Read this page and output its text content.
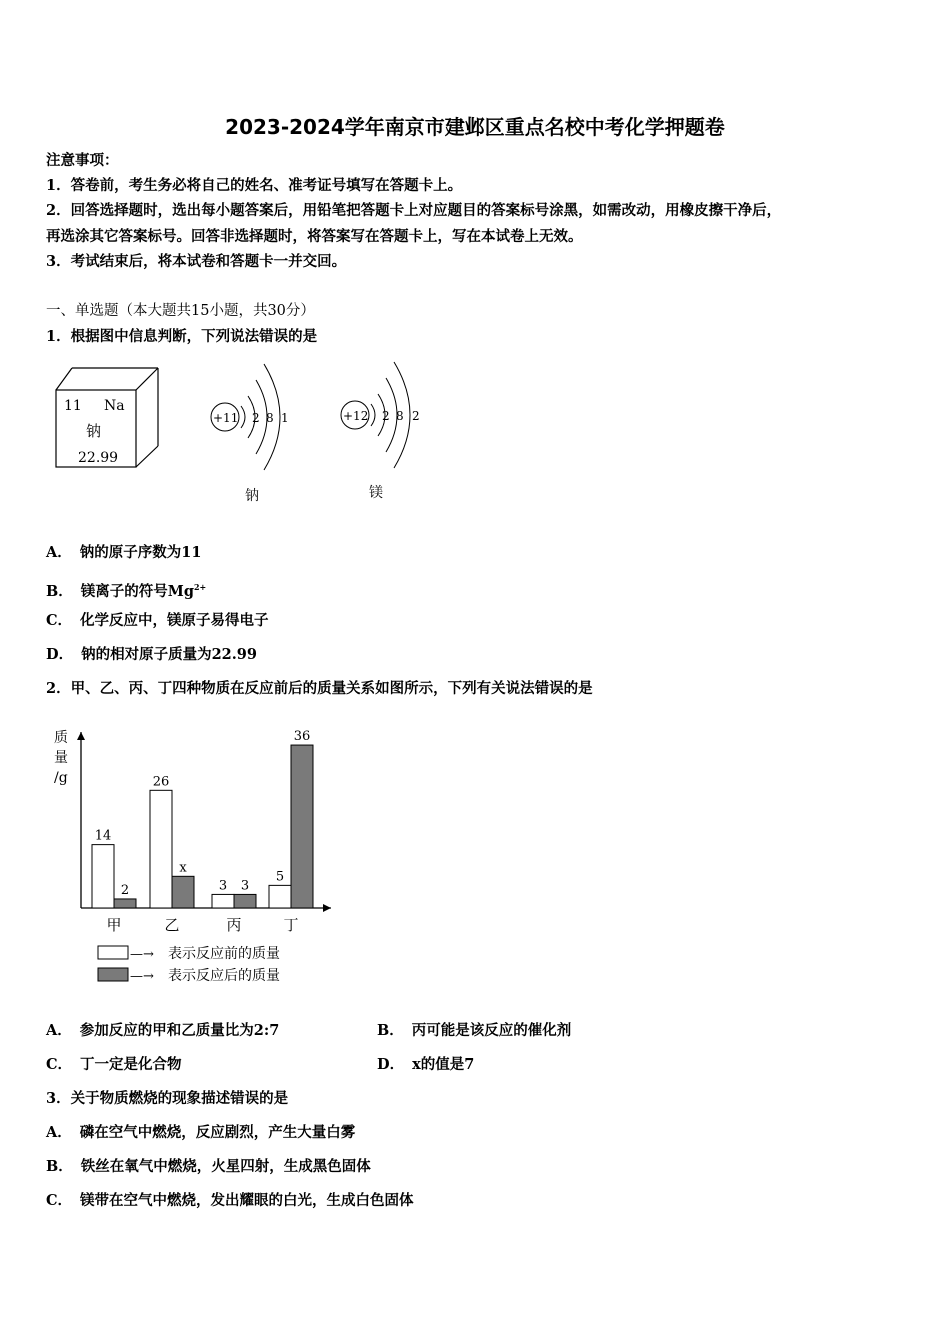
2023-2024学年南京市建邺区重点名校中考化学押题卷
注意事项：
1．答卷前，考生务必将自己的姓名、准考证号填写在答题卡上。
2．回答选择题时，选出每小题答案后，用铅笔把答题卡上对应题目的答案标号涂黑，如需改动，用橡皮擦干净后，
再选涂其它答案标号。回答非选择题时，将答案写在答题卡上，写在本试卷上无效。
3．考试结束后，将本试卷和答题卡一并交回。
一、单选题（本大题共15小题，共30分）
1．根据图中信息判断，下列说法错误的是
11 Na
钠
22.99
+11 2 8 1
钠
+12 2 8 2
镁
A． 钠的原子序数为11
B． 镁离子的符号$Mg^{2+}$
C． 化学反应中，镁原子易得电子
D． 钠的相对原子质量为22.99
2．甲、乙、丙、丁四种物质在反应前后的质量关系如图所示，下列有关说法错误的是
质
量
/g
14
2
甲
26
x
乙
3 3
丙
5
36
丁
—→ 表示反应前的质量
—→ 表示反应后的质量
A． 参加反应的甲和乙质量比为2:7	B． 丙可能是该反应的催化剂
C． 丁一定是化合物	D． x的值是7
3．关于物质燃烧的现象描述错误的是
A． 磷在空气中燃烧，反应剧烈，产生大量白雾
B． 铁丝在氧气中燃烧，火星四射，生成黑色固体
C． 镁带在空气中燃烧，发出耀眼的白光，生成白色固体
